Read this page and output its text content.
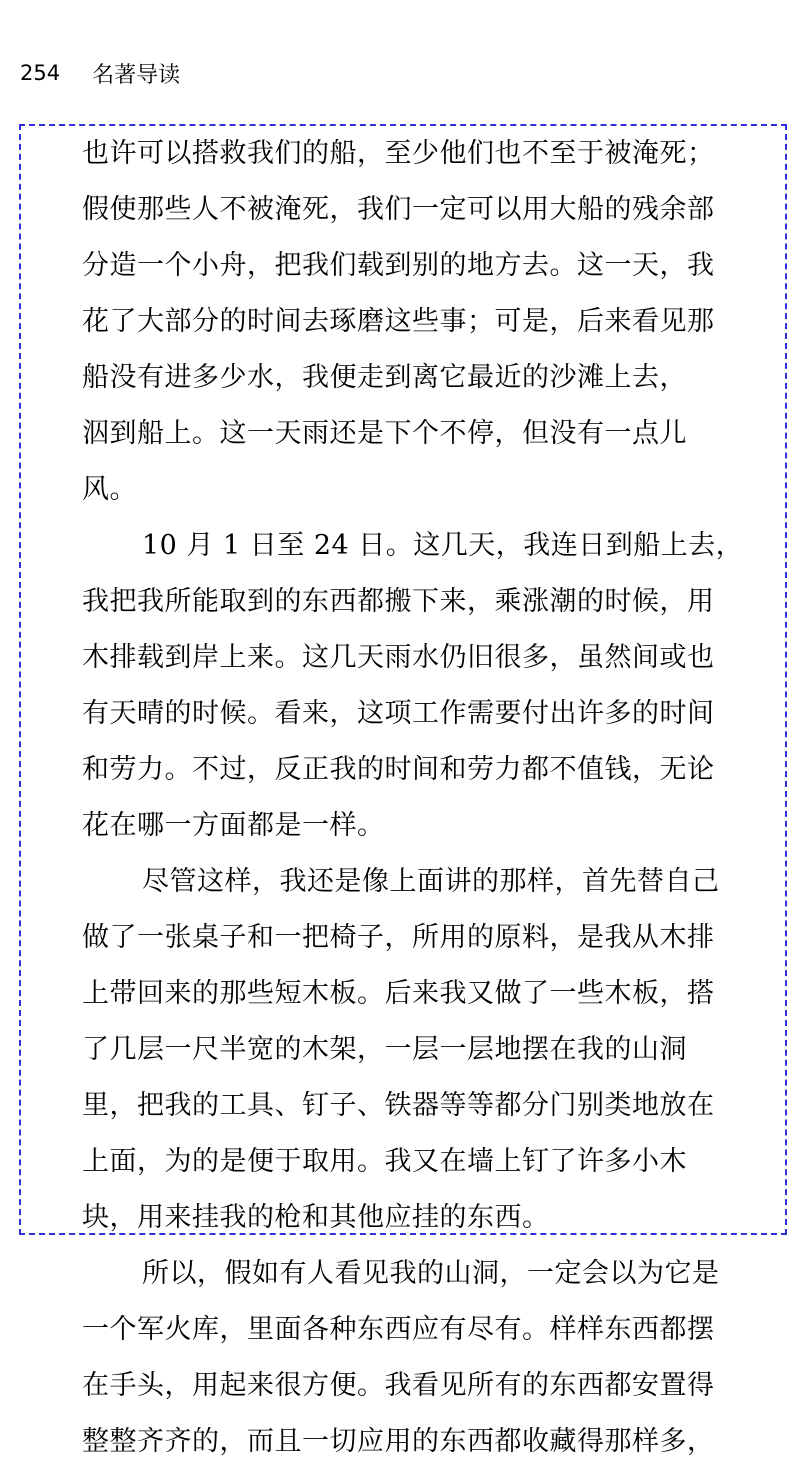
254 名著导读
也许可以搭救我们的船，至少他们也不至于被淹死；
假使那些人不被淹死，我们一定可以用大船的残余部
分造一个小舟，把我们载到别的地方去。这一天，我
花了大部分的时间去琢磨这些事；可是，后来看见那
船没有进多少水，我便走到离它最近的沙滩上去，
泅到船上。这一天雨还是下个不停，但没有一点儿
风。
10 月 1 日至 24 日。这几天，我连日到船上去，
我把我所能取到的东西都搬下来，乘涨潮的时候，用
木排载到岸上来。这几天雨水仍旧很多，虽然间或也
有天晴的时候。看来，这项工作需要付出许多的时间
和劳力。不过，反正我的时间和劳力都不值钱，无论
花在哪一方面都是一样。
尽管这样，我还是像上面讲的那样，首先替自己
做了一张桌子和一把椅子，所用的原料，是我从木排
上带回来的那些短木板。后来我又做了一些木板，搭
了几层一尺半宽的木架，一层一层地摆在我的山洞
里，把我的工具、钉子、铁器等等都分门别类地放在
上面，为的是便于取用。我又在墙上钉了许多小木
块，用来挂我的枪和其他应挂的东西。
所以，假如有人看见我的山洞，一定会以为它是
一个军火库，里面各种东西应有尽有。样样东西都摆
在手头，用起来很方便。我看见所有的东西都安置得
整整齐齐的，而且一切应用的东西都收藏得那样多，
